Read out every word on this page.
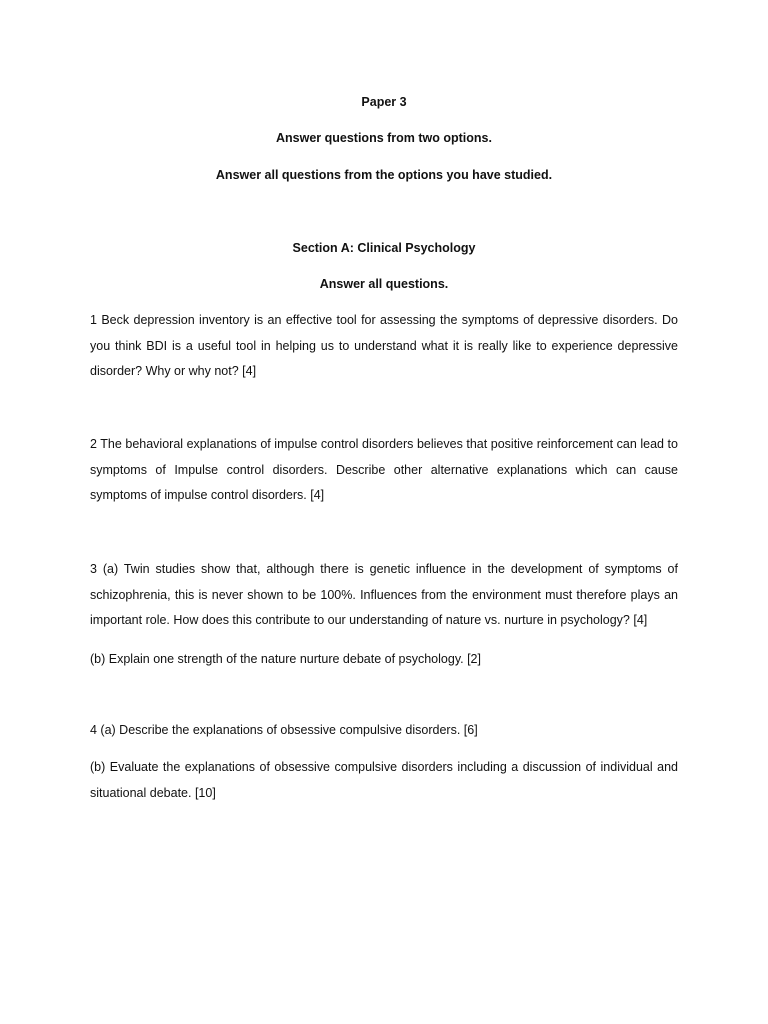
Paper 3

Answer questions from two options.

Answer all questions from the options you have studied.

Section A: Clinical Psychology

Answer all questions.

1 Beck depression inventory is an effective tool for assessing the symptoms of depressive disorders. Do you think BDI is a useful tool in helping us to understand what it is really like to experience depressive disorder? Why or why not? [4]

2 The behavioral explanations of impulse control disorders believes that positive reinforcement can lead to symptoms of Impulse control disorders. Describe other alternative explanations which can cause symptoms of impulse control disorders. [4]

3 (a) Twin studies show that, although there is genetic influence in the development of symptoms of schizophrenia, this is never shown to be 100%. Influences from the environment must therefore plays an important role. How does this contribute to our understanding of nature vs. nurture in psychology? [4]

(b) Explain one strength of the nature nurture debate of psychology. [2]

4 (a) Describe the explanations of obsessive compulsive disorders. [6]

(b) Evaluate the explanations of obsessive compulsive disorders including a discussion of individual and situational debate. [10]
